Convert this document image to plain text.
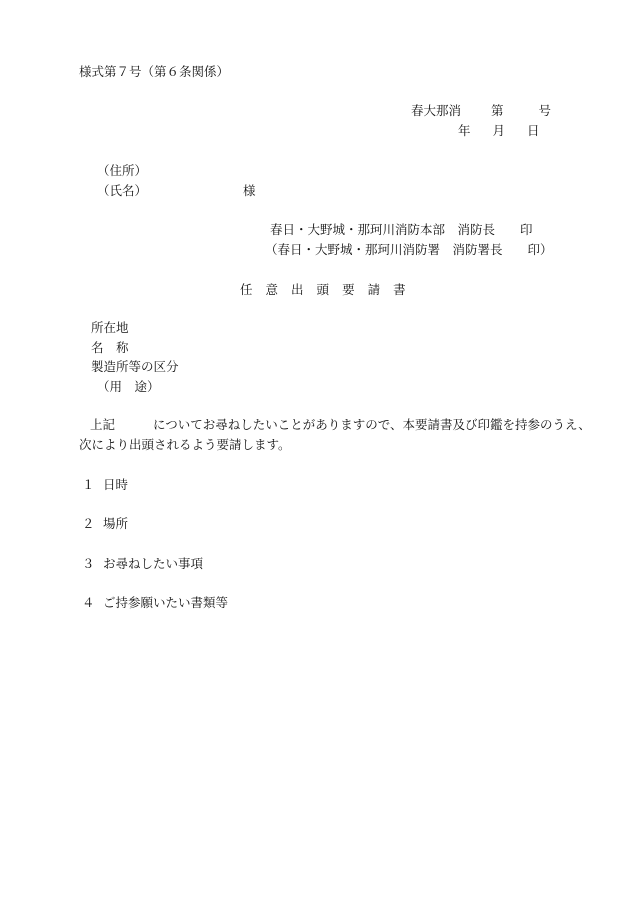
様式第７号（第６条関係）
春大那消 第	号
年 月 日
（住所）
（氏名）	様
春日・大野城・那珂川消防本部　消防長　　印
（春日・大野城・那珂川消防署　消防署長　　印）
任 意 出 頭 要 請 書
所在地
名　称
製造所等の区分
（用　途）
上記	についてお尋ねしたいことがありますので、本要請書及び印鑑を持参のうえ、
次により出頭されるよう要請します。
１ 日時
２ 場所
３ お尋ねしたい事項
４ ご持参願いたい書類等
